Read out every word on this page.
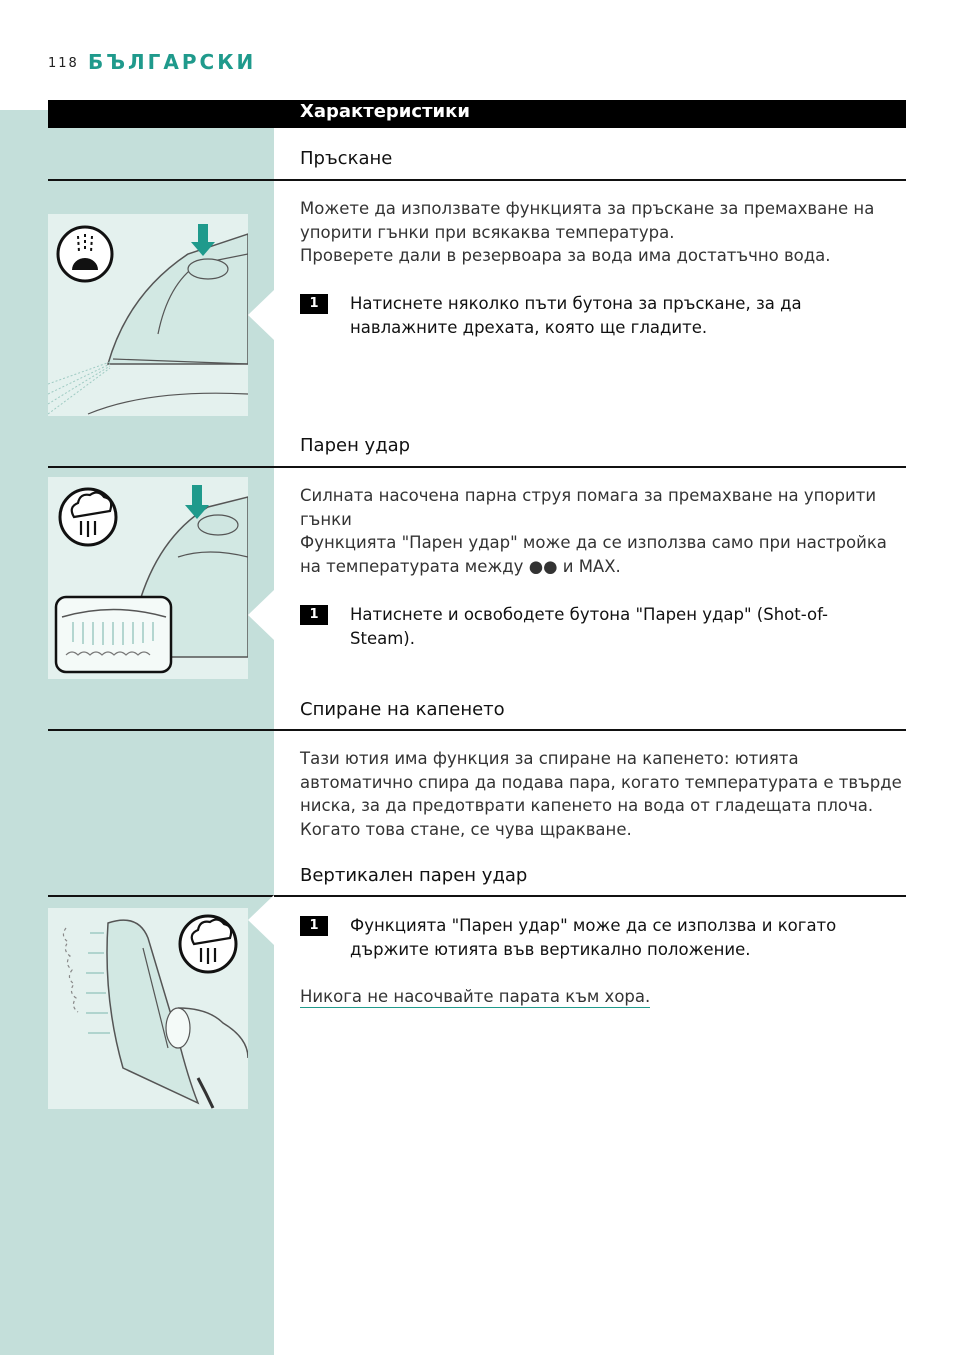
118 БЪЛГАРСКИ
Характеристики
Пръскане

Можете да използвате функцията за пръскане за премахване на
упорити гънки при всякаква температура.
Проверете дали в резервоара за вода има достатъчно вода.

1	Натиснете няколко пъти бутона за пръскане, за да
навлажните дрехата, която ще гладите.

Парен удар

Силната насочена парна струя помага за премахване на упорити
гънки
Функцията "Парен удар" може да се използва само при настройка
на температурата между ●● и MAX.

1	Натиснете и освободете бутона "Парен удар" (Shot-of-
Steam).

Спиране на капенето

Тази ютия има функция за спиране на капенето: ютията
автоматично спира да подава пара, когато температурата е твърде
ниска, за да предотврати капенето на вода от гладещата плоча.
Когато това стане, се чува щракване.

Вертикален парен удар
1	Функцията "Парен удар" може да се използва и когато
държите ютията във вертикално положение.

Никога не насочвайте парата към хора.
